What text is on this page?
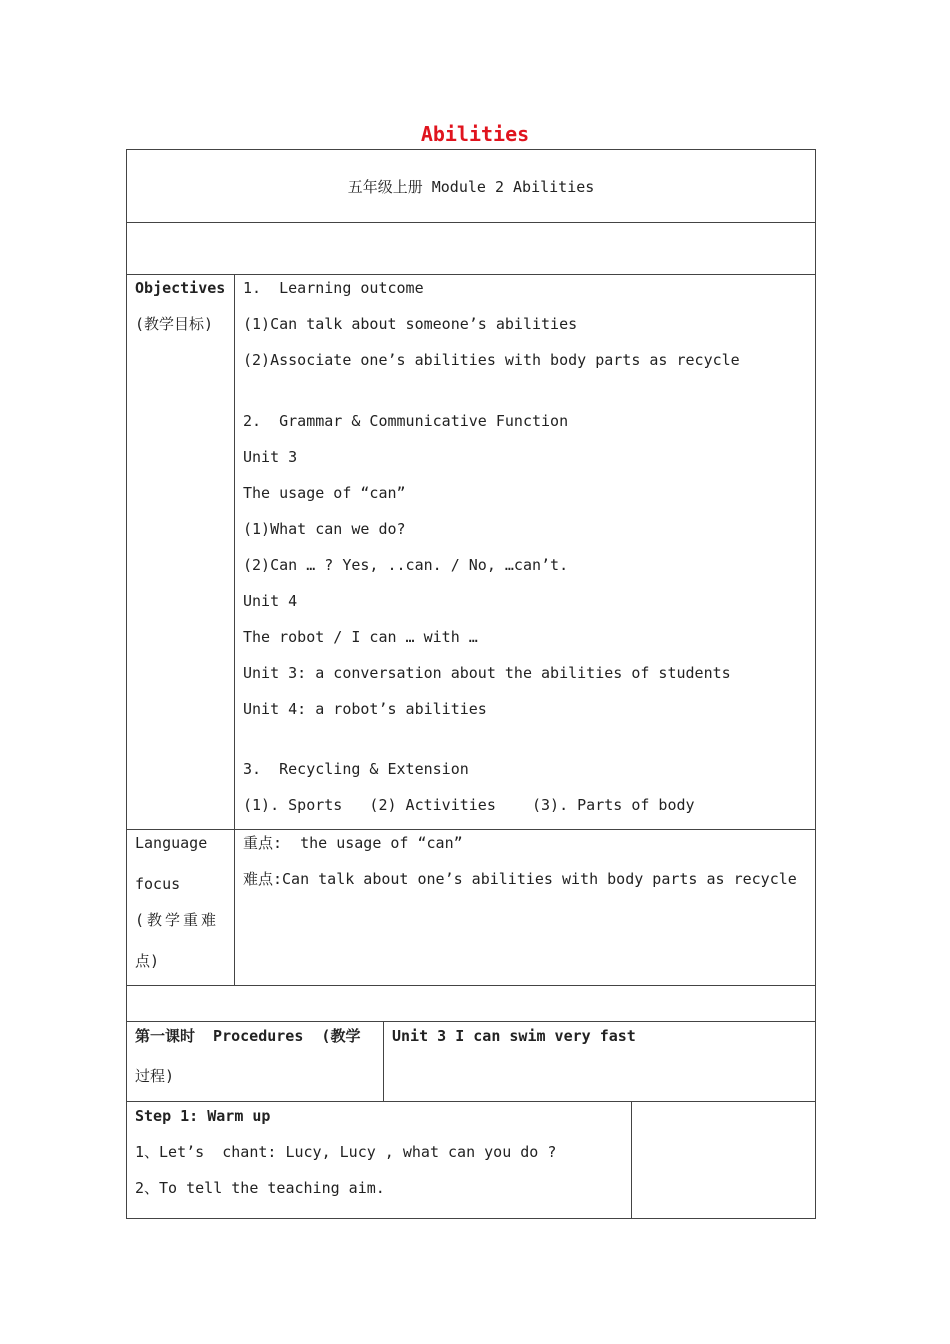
Abilities
五年级上册 Module 2 Abilities
Objectives
(教学目标)
1.  Learning outcome
(1)Can talk about someone’s abilities
(2)Associate one’s abilities with body parts as recycle
2.  Grammar & Communicative Function
Unit 3
The usage of “can”
(1)What can we do?
(2)Can … ? Yes, ..can. / No, …can’t.
Unit 4
The robot / I can … with …
Unit 3: a conversation about the abilities of students
Unit 4: a robot’s abilities
3.  Recycling & Extension
(1). Sports   (2) Activities    (3). Parts of body
Language
focus
(教学重难
点)
重点:  the usage of “can”
难点:Can talk about one’s abilities with body parts as recycle
第一课时  Procedures  (教学
过程)
Unit 3 I can swim very fast
Step 1: Warm up
1、Let’s  chant: Lucy, Lucy , what can you do ?
2、To tell the teaching aim.
